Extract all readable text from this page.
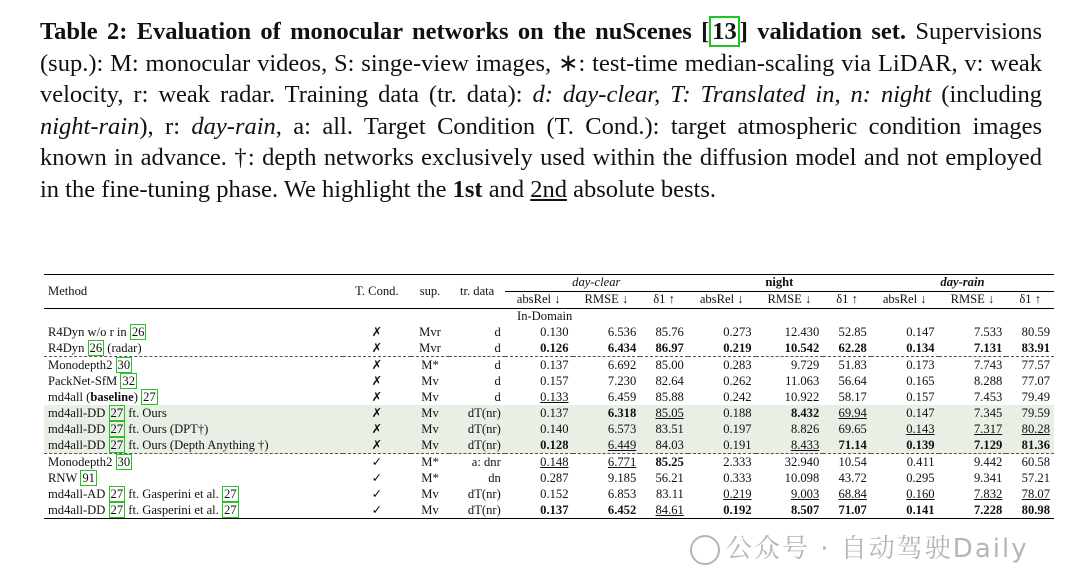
Table 2: Evaluation of monocular networks on the nuScenes [ 13 ] validation set. Supervisions (sup.): M: monocular videos, S: singe-view images, ∗: test-time median-scaling via LiDAR, v: weak velocity, r: weak radar. Training data (tr. data): d: day-clear, T: Translated in, n: night (including night-rain), r: day-rain, a: all. Target Condition (T. Cond.): target atmospheric condition images known in advance. †: depth networks exclusively used within the diffusion model and not employed in the fine-tuning phase. We highlight the 1st and 2nd absolute bests.

Method	T. Cond.	sup.	tr. data	day-clear			night			day-rain		
				absRel ↓	RMSE ↓	δ1 ↑	absRel ↓	RMSE ↓	δ1 ↑	absRel ↓	RMSE ↓	δ1 ↑
In-Domain												
R4Dyn w/o r in 26	✗	Mvr	d	0.130	6.536	85.76	0.273	12.430	52.85	0.147	7.533	80.59
R4Dyn 26 (radar)	✗	Mvr	d	0.126	6.434	86.97	0.219	10.542	62.28	0.134	7.131	83.91
Monodepth2 30	✗	M*	d	0.137	6.692	85.00	0.283	9.729	51.83	0.173	7.743	77.57
PackNet-SfM 32	✗	Mv	d	0.157	7.230	82.64	0.262	11.063	56.64	0.165	8.288	77.07
md4all (baseline) 27	✗	Mv	d	0.133	6.459	85.88	0.242	10.922	58.17	0.157	7.453	79.49
md4all-DD 27 ft. Ours	✗	Mv	dT(nr)	0.137	6.318	85.05	0.188	8.432	69.94	0.147	7.345	79.59
md4all-DD 27 ft. Ours (DPT†)	✗	Mv	dT(nr)	0.140	6.573	83.51	0.197	8.826	69.65	0.143	7.317	80.28
md4all-DD 27 ft. Ours (Depth Anything †)	✗	Mv	dT(nr)	0.128	6.449	84.03	0.191	8.433	71.14	0.139	7.129	81.36
Monodepth2 30	✓	M*	a: dnr	0.148	6.771	85.25	2.333	32.940	10.54	0.411	9.442	60.58
RNW 91	✓	M*	dn	0.287	9.185	56.21	0.333	10.098	43.72	0.295	9.341	57.21
md4all-AD 27 ft. Gasperini et al. 27	✓	Mv	dT(nr)	0.152	6.853	83.11	0.219	9.003	68.84	0.160	7.832	78.07
md4all-DD 27 ft. Gasperini et al. 27	✓	Mv	dT(nr)	0.137	6.452	84.61	0.192	8.507	71.07	0.141	7.228	80.98
公众号 · 自动驾驶Daily
